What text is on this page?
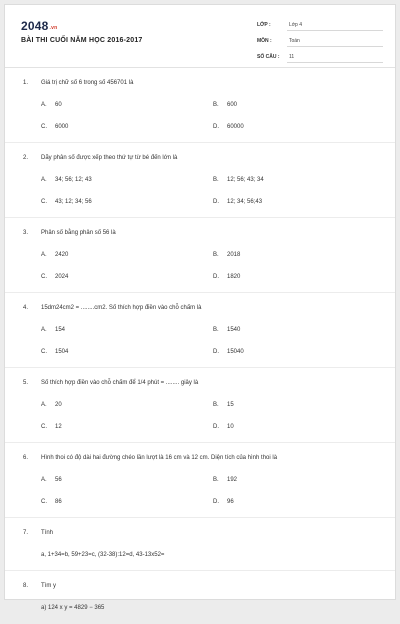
2048.vn
BÀI THI CUỐI NĂM HỌC 2016-2017
LỚP :	Lớp 4
MÔN :	Toán
SỐ CÂU :	11
1.	Giá trị chữ số 6 trong số 456701 là
A.	60	B.	600
C.	6000	D.	60000
2.	Dãy phân số được xếp theo thứ tự từ bé đến lớn là
A.	34; 56; 12; 43	B.	12; 56; 43; 34
C.	43; 12; 34; 56	D.	12; 34; 56;43
3.	Phân số bằng phân số 56 là
A.	2420	B.	2018
C.	2024	D.	1820
4.	15dm24cm2 = ........cm2. Số thích hợp điền vào chỗ chấm là
A.	154	B.	1540
C.	1504	D.	15040
5.	Số thích hợp điền vào chỗ chấm để 1/4 phút = ........ giây là
A.	20	B.	15
C.	12	D.	10
6.	Hình thoi có độ dài hai đường chéo lần lượt là 16 cm và 12 cm. Diện tích của hình thoi là
A.	56	B.	192
C.	86	D.	96
7.	Tính
a, 1+34=b, 59+23=c, (32-38):12=d, 43-13x52=
8.	Tìm y
a) 124 x y = 4829 − 365
